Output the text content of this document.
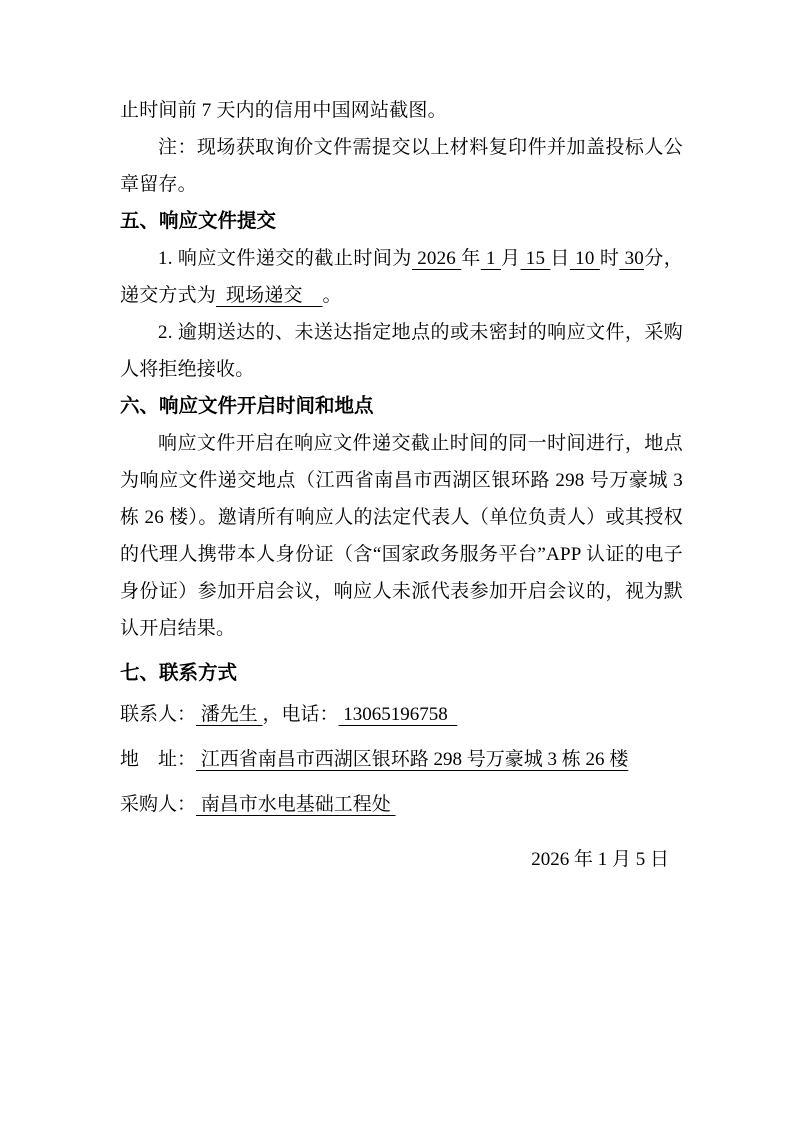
止时间前 7 天内的信用中国网站截图。

注：现场获取询价文件需提交以上材料复印件并加盖投标人公章留存。

五、响应文件提交

1. 响应文件递交的截止时间为 2026 年 1 月 15 日 10 时 30分，递交方式为  现场递交    。

2. 逾期送达的、未送达指定地点的或未密封的响应文件，采购人将拒绝接收。

六、响应文件开启时间和地点

响应文件开启在响应文件递交截止时间的同一时间进行，地点为响应文件递交地点（江西省南昌市西湖区银环路 298 号万豪城 3 栋 26 楼）。邀请所有响应人的法定代表人（单位负责人）或其授权的代理人携带本人身份证（含“国家政务服务平台”APP 认证的电子身份证）参加开启会议，响应人未派代表参加开启会议的，视为默认开启结果。

七、联系方式

联系人： 潘先生 ，电话： 13065196758

地　址： 江西省南昌市西湖区银环路 298 号万豪城 3 栋 26 楼

采购人： 南昌市水电基础工程处

2026 年 1 月 5 日
